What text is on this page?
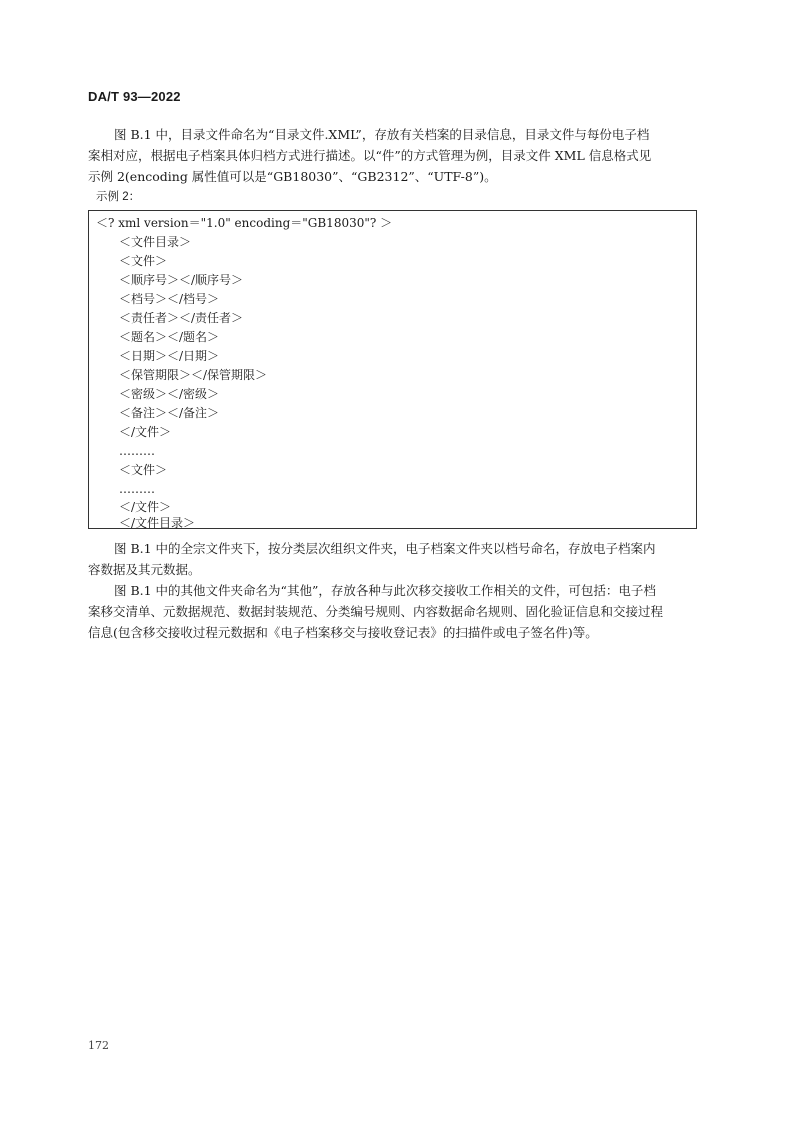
DA/T 93—2022
图 B.1 中，目录文件命名为“目录文件.XML”，存放有关档案的目录信息，目录文件与每份电子档
案相对应，根据电子档案具体归档方式进行描述。以“件”的方式管理为例，目录文件 XML 信息格式见
示例 2(encoding 属性值可以是“GB18030”、“GB2312”、“UTF-8”)。
示例 2：
＜? xml version＝"1.0" encoding＝"GB18030"? ＞
＜文件目录＞
＜文件＞
＜顺序号＞＜/顺序号＞
＜档号＞＜/档号＞
＜责任者＞＜/责任者＞
＜题名＞＜/题名＞
＜日期＞＜/日期＞
＜保管期限＞＜/保管期限＞
＜密级＞＜/密级＞
＜备注＞＜/备注＞
＜/文件＞
………
＜文件＞
………
＜/文件＞
＜/文件目录＞
图 B.1 中的全宗文件夹下，按分类层次组织文件夹，电子档案文件夹以档号命名，存放电子档案内
容数据及其元数据。
图 B.1 中的其他文件夹命名为“其他”，存放各种与此次移交接收工作相关的文件，可包括：电子档
案移交清单、元数据规范、数据封装规范、分类编号规则、内容数据命名规则、固化验证信息和交接过程
信息(包含移交接收过程元数据和《电子档案移交与接收登记表》的扫描件或电子签名件)等。
172
